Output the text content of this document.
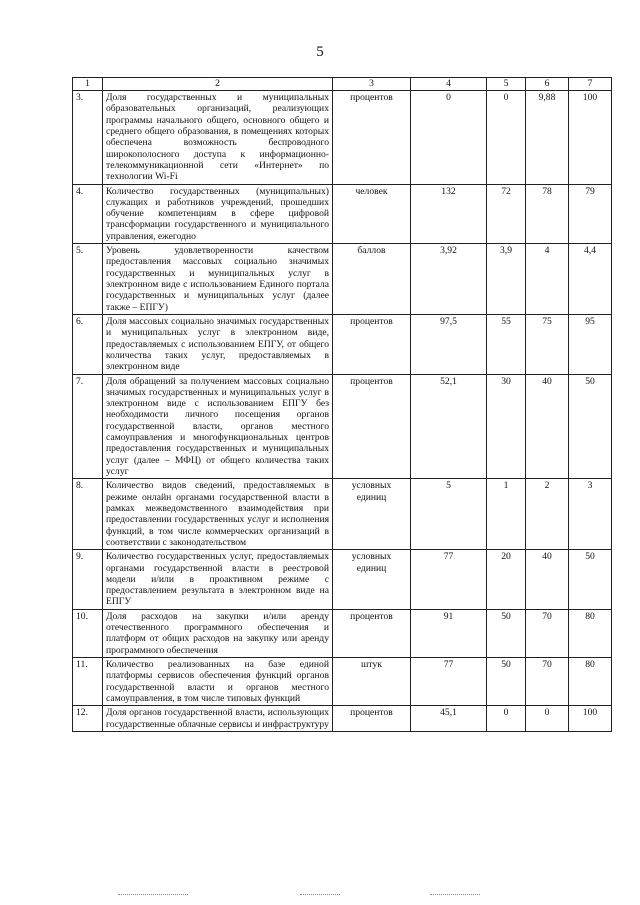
5
1	2	3	4	5	6	7
3.	Доля государственных и муниципальных образовательных организаций, реализующих программы начального общего, основного общего и среднего общего образования, в помещениях которых обеспечена возможность беспроводного широкополосного доступа к информационно-телекоммуникационной сети «Интернет» по технологии Wi-Fi	процентов	0	0	9,88	100
4.	Количество государственных (муниципальных) служащих и работников учреждений, прошедших обучение компетенциям в сфере цифровой трансформации государственного и муниципального управления, ежегодно	человек	132	72	78	79
5.	Уровень удовлетворенности качеством предоставления массовых социально значимых государственных и муниципальных услуг в электронном виде с использованием Единого портала государственных и муниципальных услуг (далее также – ЕПГУ)	баллов	3,92	3,9	4	4,4
6.	Доля массовых социально значимых государственных и муниципальных услуг в электронном виде, предоставляемых с использованием ЕПГУ, от общего количества таких услуг, предоставляемых в электронном виде	процентов	97,5	55	75	95
7.	Доля обращений за получением массовых социально значимых государственных и муниципальных услуг в электронном виде с использованием ЕПГУ без необходимости личного посещения органов государственной власти, органов местного самоуправления и многофункциональных центров предоставления государственных и муниципальных услуг (далее – МФЦ) от общего количества таких услуг	процентов	52,1	30	40	50
8.	Количество видов сведений, предоставляемых в режиме онлайн органами государственной власти в рамках межведомственного взаимодействия при предоставлении государственных услуг и исполнения функций, в том числе коммерческих организаций в соответствии с законодательством	условных единиц	5	1	2	3
9.	Количество государственных услуг, предоставляемых органами государственной власти в реестровой модели и/или в проактивном режиме с предоставлением результата в электронном виде на ЕПГУ	условных единиц	77	20	40	50
10.	Доля расходов на закупки и/или аренду отечественного программного обеспечения и платформ от общих расходов на закупку или аренду программного обеспечения	процентов	91	50	70	80
11.	Количество реализованных на базе единой платформы сервисов обеспечения функций органов государственной власти и органов местного самоуправления, в том числе типовых функций	штук	77	50	70	80
12.	Доля органов государственной власти, использующих государственные облачные сервисы и инфраструктуру	процентов	45,1	0	0	100
